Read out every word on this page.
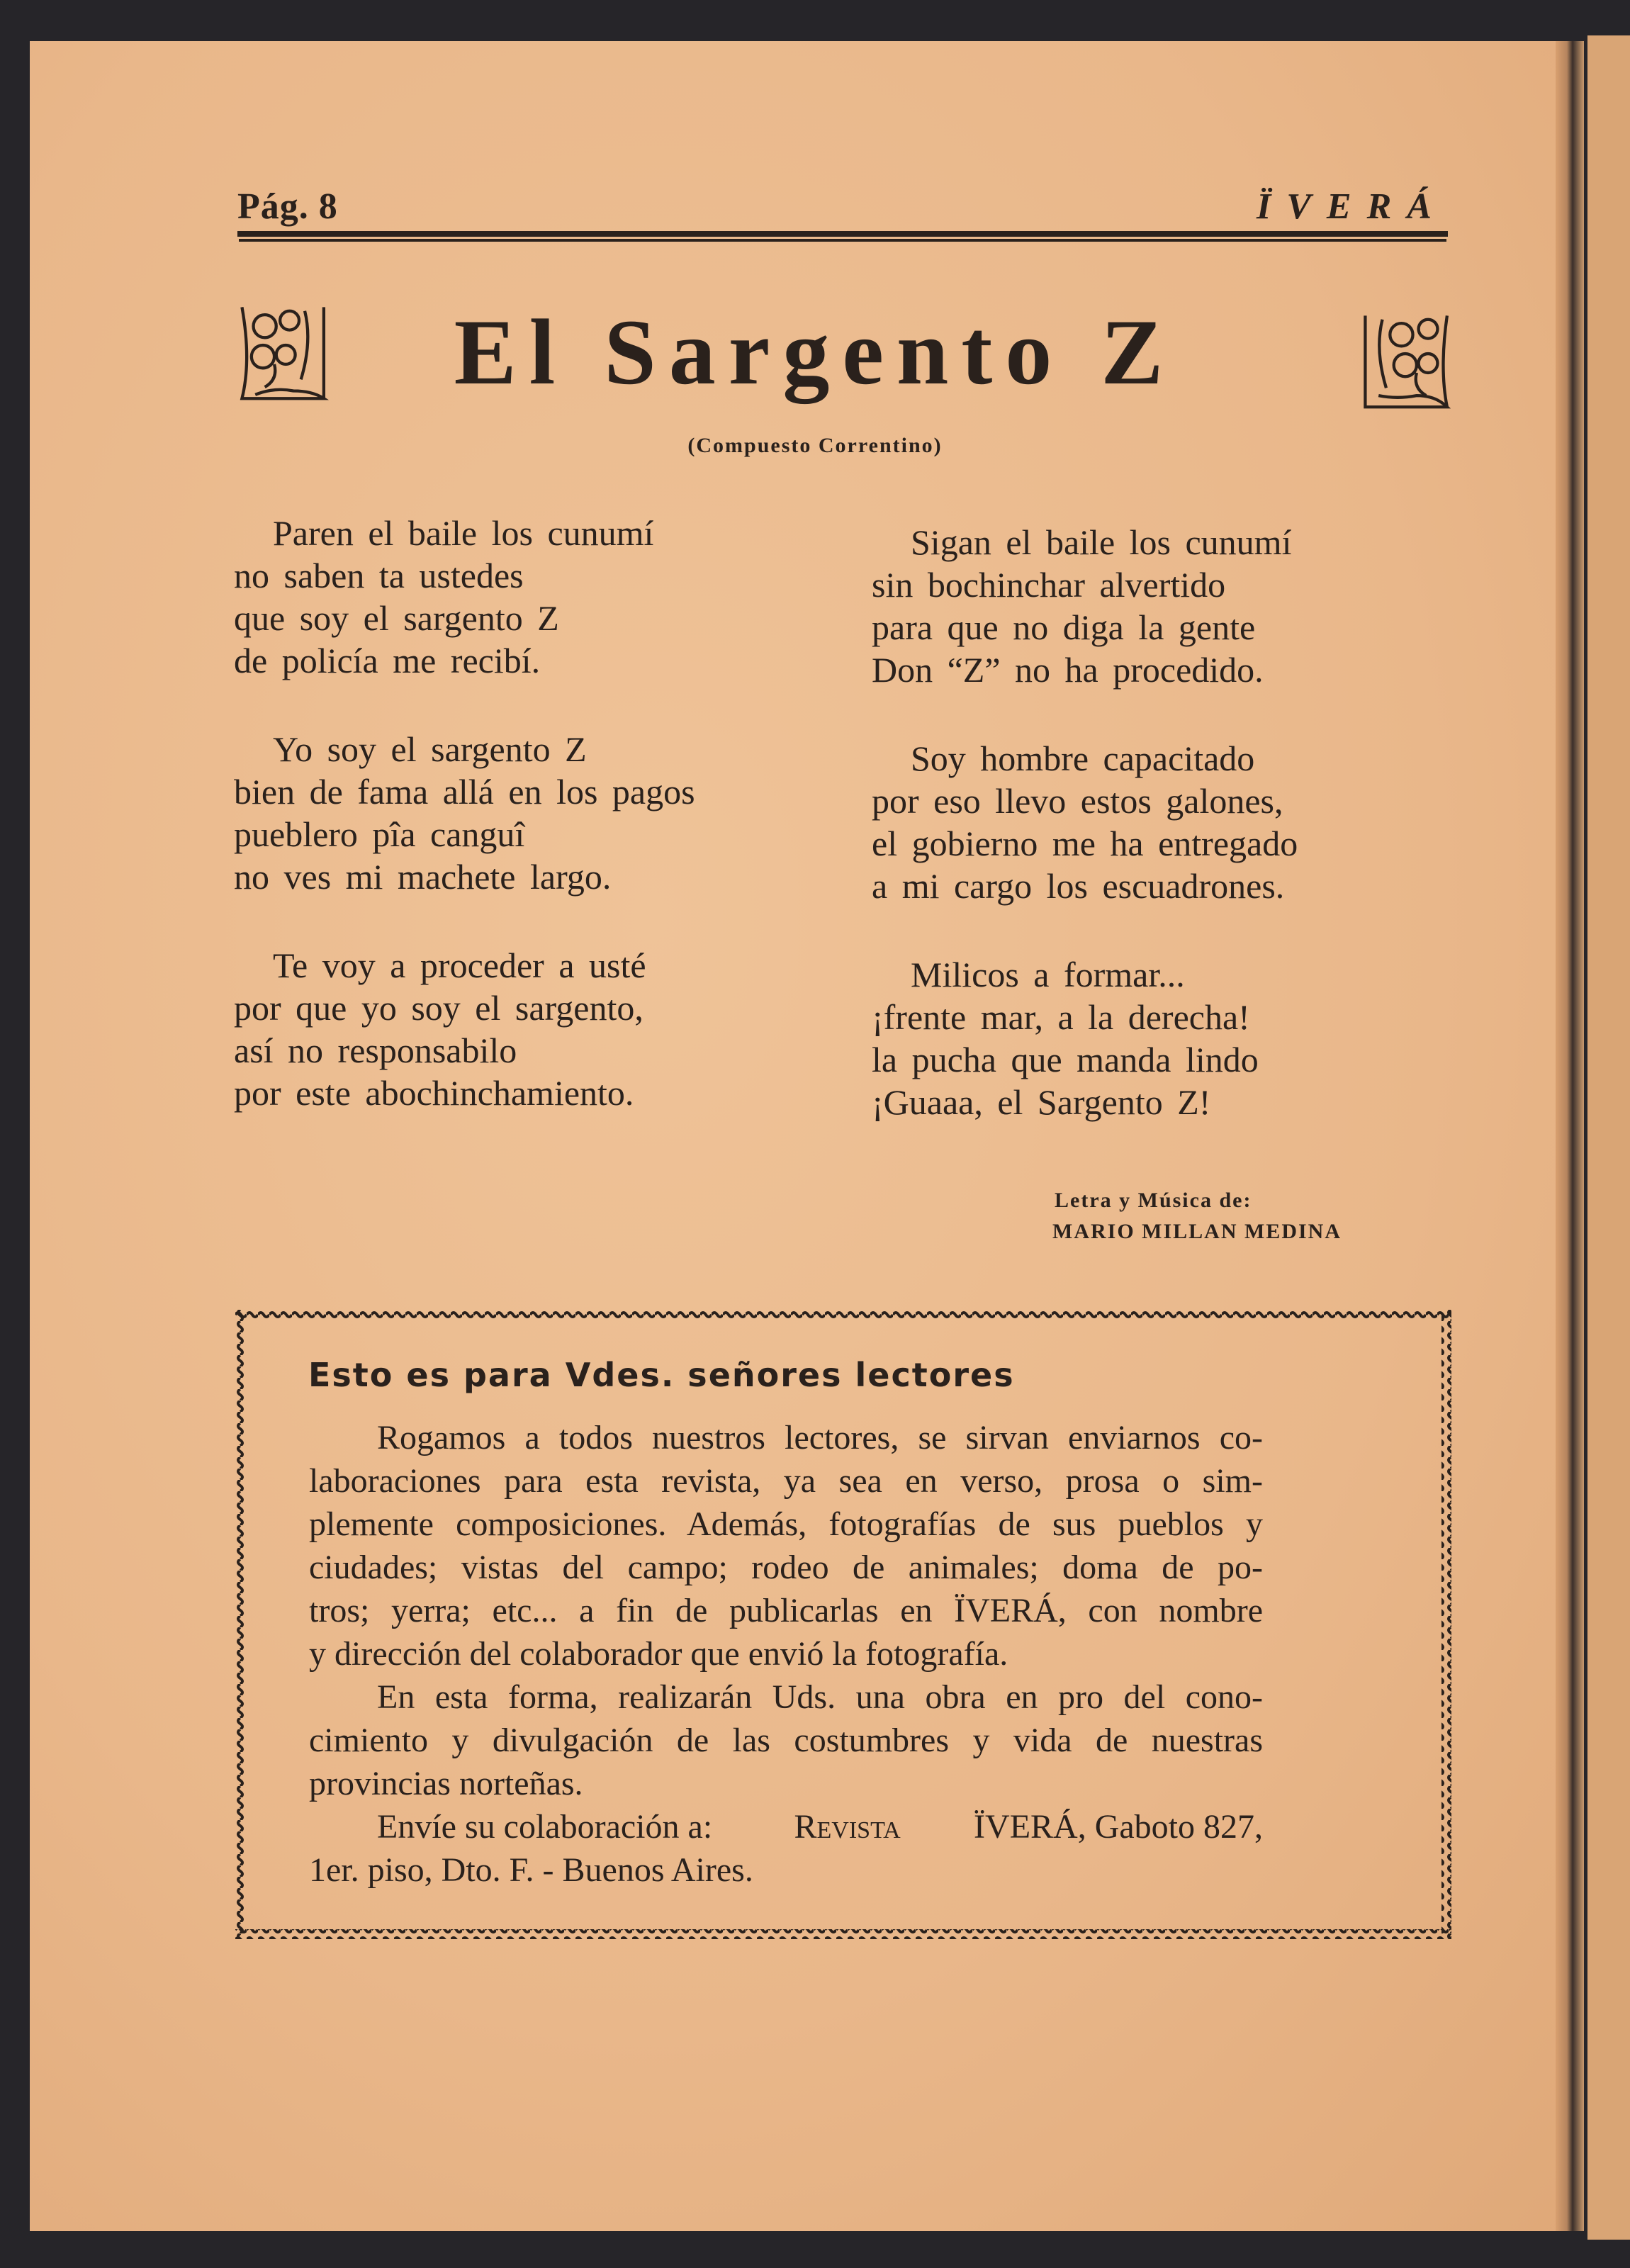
Pág. 8	ÏVERÁ
El Sargento Z
(Compuesto Correntino)
Paren el baile los cunumí
no saben ta ustedes
que soy el sargento Z
de policía me recibí.
Yo soy el sargento Z
bien de fama allá en los pagos
pueblero pîa canguî
no ves mi machete largo.
Te voy a proceder a usté
por que yo soy el sargento,
así no responsabilo
por este abochinchamiento.
Sigan el baile los cunumí
sin bochinchar alvertido
para que no diga la gente
Don “Z” no ha procedido.
Soy hombre capacitado
por eso llevo estos galones,
el gobierno me ha entregado
a mi cargo los escuadrones.
Milicos a formar...
¡frente mar, a la derecha!
la pucha que manda lindo
¡Guaaa, el Sargento Z!
Letra y Música de:
MARIO MILLAN MEDINA
Esto es para Vdes. señores lectores
Rogamos a todos nuestros lectores, se sirvan enviarnos co-
laboraciones para esta revista, ya sea en verso, prosa o sim-
plemente composiciones. Además, fotografías de sus pueblos y
ciudades; vistas del campo; rodeo de animales; doma de po-
tros; yerra; etc... a fin de publicarlas en ÏVERÁ, con nombre
y dirección del colaborador que envió la fotografía.
En esta forma, realizarán Uds. una obra en pro del cono-
cimiento y divulgación de las costumbres y vida de nuestras
provincias norteñas.
Envíe su colaboración a: Revista ÏVERÁ, Gaboto 827,
1er. piso, Dto. F. - Buenos Aires.
